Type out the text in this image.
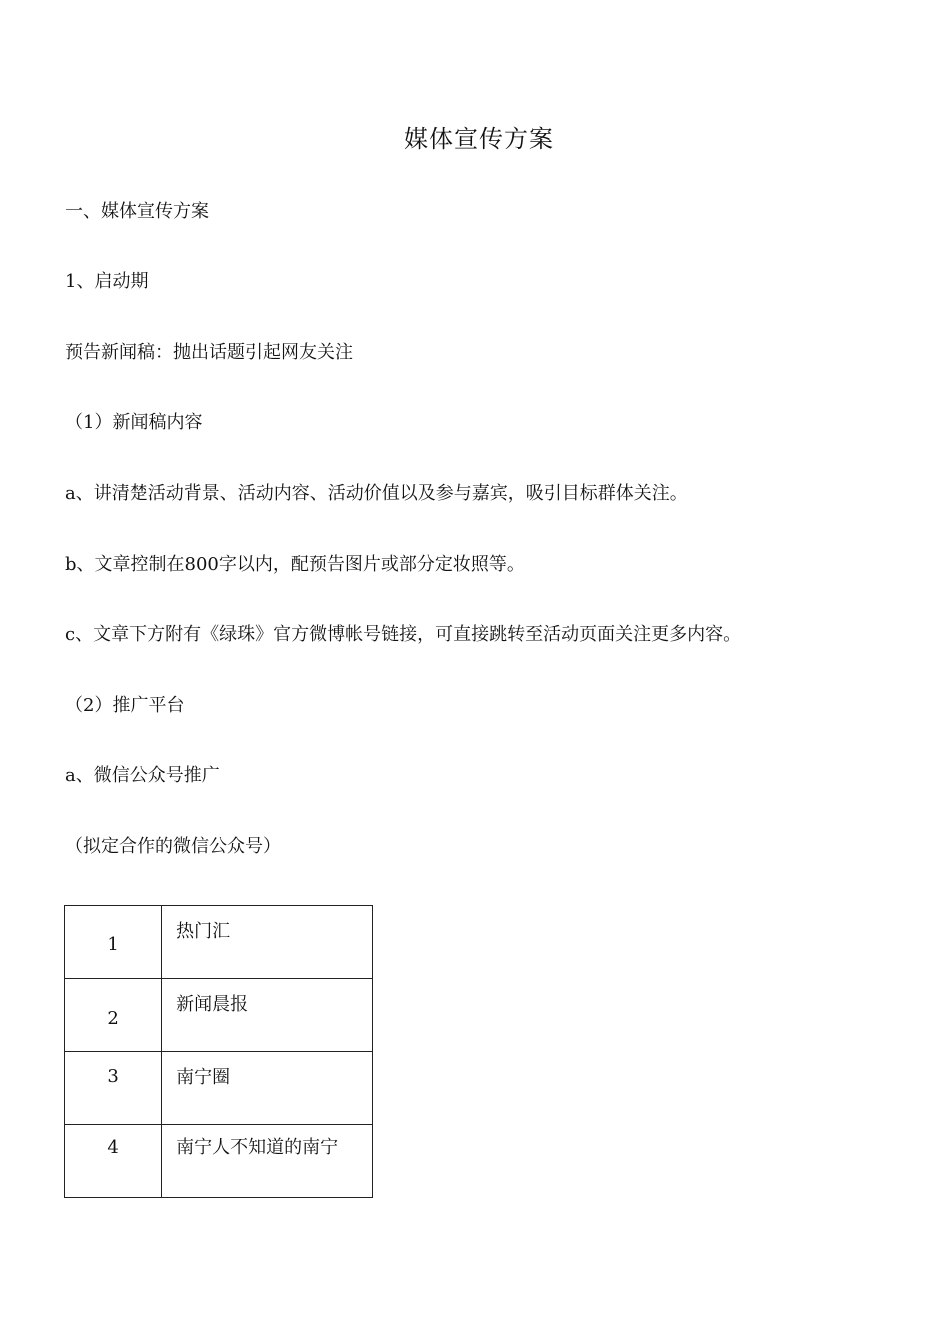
媒体宣传方案
一、媒体宣传方案
1、启动期
预告新闻稿：抛出话题引起网友关注
（1）新闻稿内容
a、讲清楚活动背景、活动内容、活动价值以及参与嘉宾，吸引目标群体关注。
b、文章控制在800字以内，配预告图片或部分定妆照等。
c、文章下方附有《绿珠》官方微博帐号链接，可直接跳转至活动页面关注更多内容。
（2）推广平台
a、微信公众号推广
（拟定合作的微信公众号）
1	热门汇

2	新闻晨报

3	南宁圈

4	南宁人不知道的南宁
